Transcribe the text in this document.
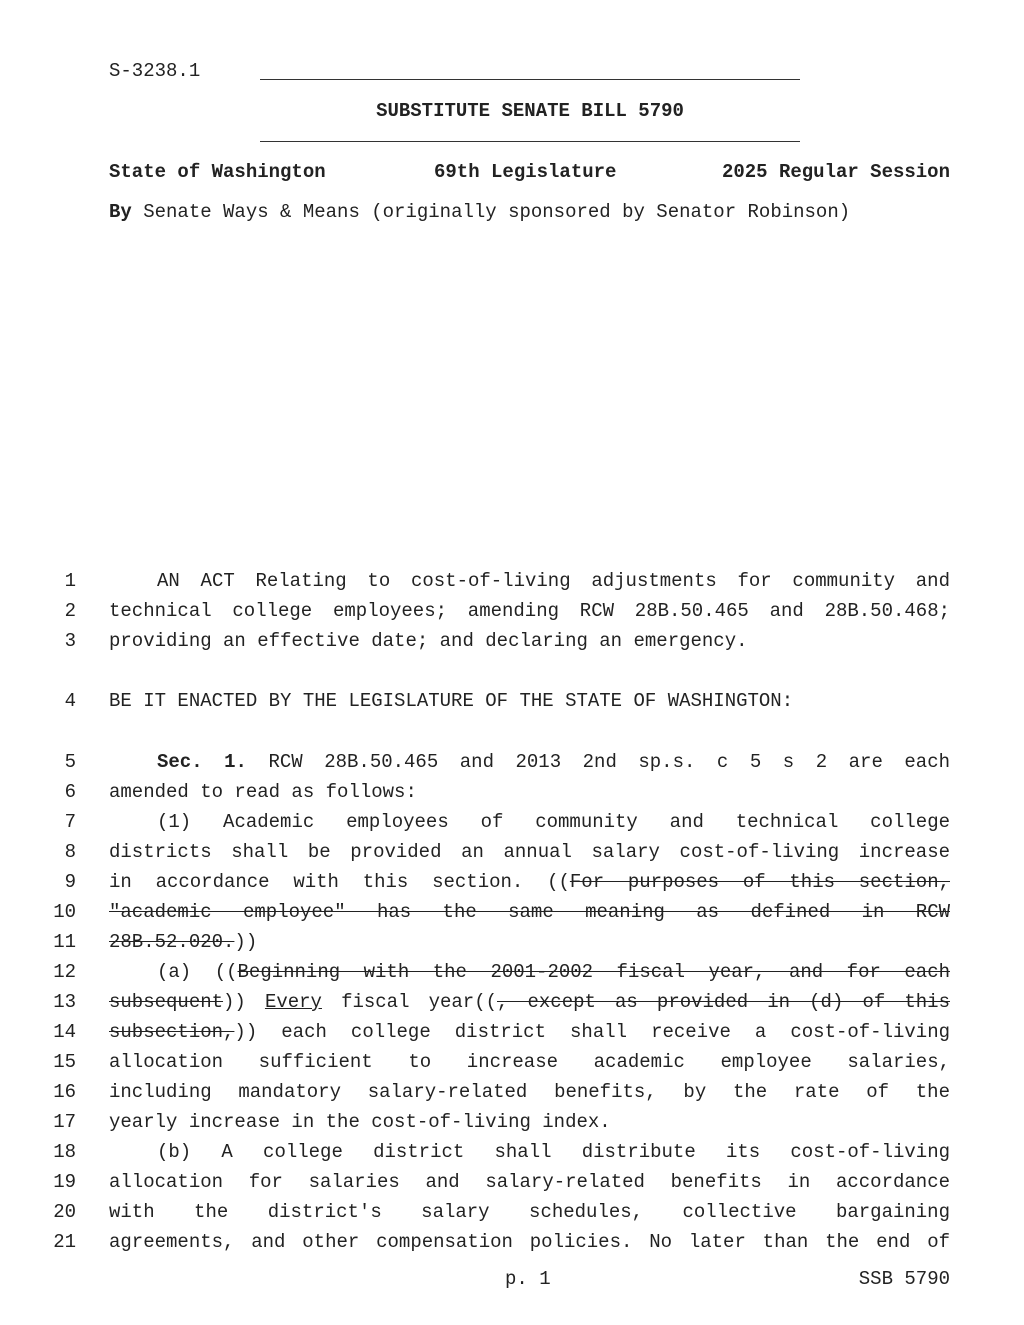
S-3238.1
SUBSTITUTE SENATE BILL 5790
State of Washington	69th Legislature	2025 Regular Session
By Senate Ways & Means (originally sponsored by Senator Robinson)
1
2
3
4
5
6
7
8
9
10
11
12
13
14
15
16
17
18
19
20
21
AN ACT Relating to cost-of-living adjustments for community and
technical college employees; amending RCW 28B.50.465 and 28B.50.468;
providing an effective date; and declaring an emergency.
BE IT ENACTED BY THE LEGISLATURE OF THE STATE OF WASHINGTON:
Sec. 1. RCW 28B.50.465 and 2013 2nd sp.s. c 5 s 2 are each
amended to read as follows:
(1) Academic employees of community and technical college
districts shall be provided an annual salary cost-of-living increase
in accordance with this section. ((For purposes of this section,
"academic employee" has the same meaning as defined in RCW
28B.52.020.))
(a) ((Beginning with the 2001-2002 fiscal year, and for each
subsequent)) Every fiscal year((, except as provided in (d) of this
subsection,)) each college district shall receive a cost-of-living
allocation sufficient to increase academic employee salaries,
including mandatory salary-related benefits, by the rate of the
yearly increase in the cost-of-living index.
(b) A college district shall distribute its cost-of-living
allocation for salaries and salary-related benefits in accordance
with the district's salary schedules, collective bargaining
agreements, and other compensation policies. No later than the end of
p. 1	SSB 5790
